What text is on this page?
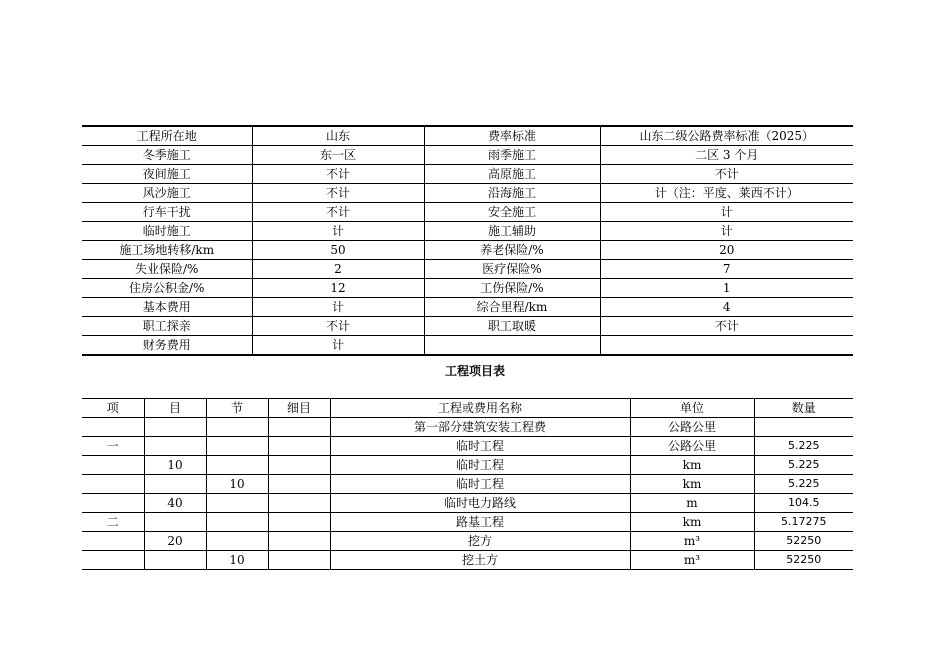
工程所在地	山东	费率标准	山东二级公路费率标准（2025）
冬季施工	东一区	雨季施工	二区 3 个月
夜间施工	不计	高原施工	不计
风沙施工	不计	沿海施工	计（注：平度、莱西不计）
行车干扰	不计	安全施工	计
临时施工	计	施工辅助	计
施工场地转移/km	50	养老保险/%	20
失业保险/%	2	医疗保险%	7
住房公积金/%	12	工伤保险/%	1
基本费用	计	综合里程/km	4
职工探亲	不计	职工取暖	不计
财务费用	计		
工程项目表
项	目	节	细目	工程或费用名称	单位	数量
				第一部分建筑安装工程费	公路公里	
一				临时工程	公路公里	5.225
	10			临时工程	km	5.225
		10		临时工程	km	5.225
	40			临时电力路线	m	104.5
二				路基工程	km	5.17275
	20			挖方	m³	52250
		10		挖土方	m³	52250
